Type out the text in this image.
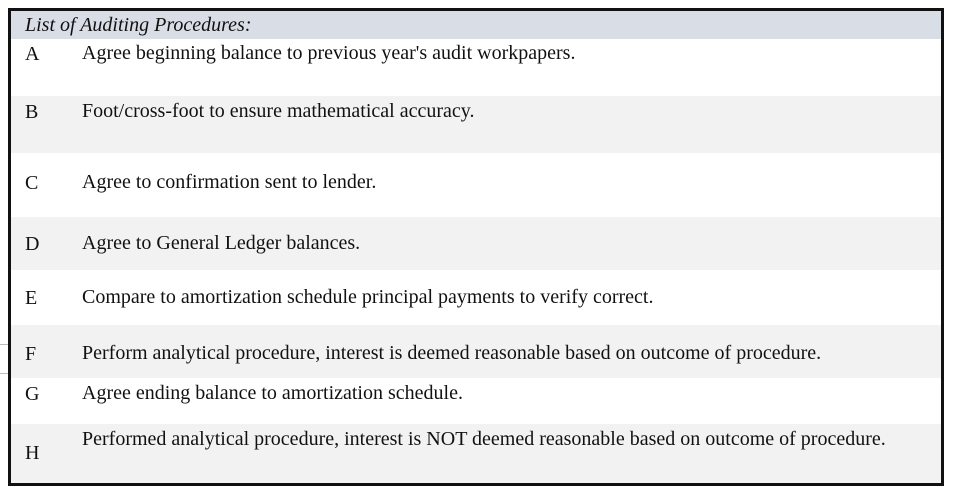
List of Auditing Procedures:
A Agree beginning balance to previous year's audit workpapers.
B Foot/cross-foot to ensure mathematical accuracy.
C Agree to confirmation sent to lender.
D Agree to General Ledger balances.
E Compare to amortization schedule principal payments to verify correct.
F Perform analytical procedure, interest is deemed reasonable based on outcome of procedure.
G Agree ending balance to amortization schedule.
H
Performed analytical procedure, interest is NOT deemed reasonable based on outcome of procedure.
